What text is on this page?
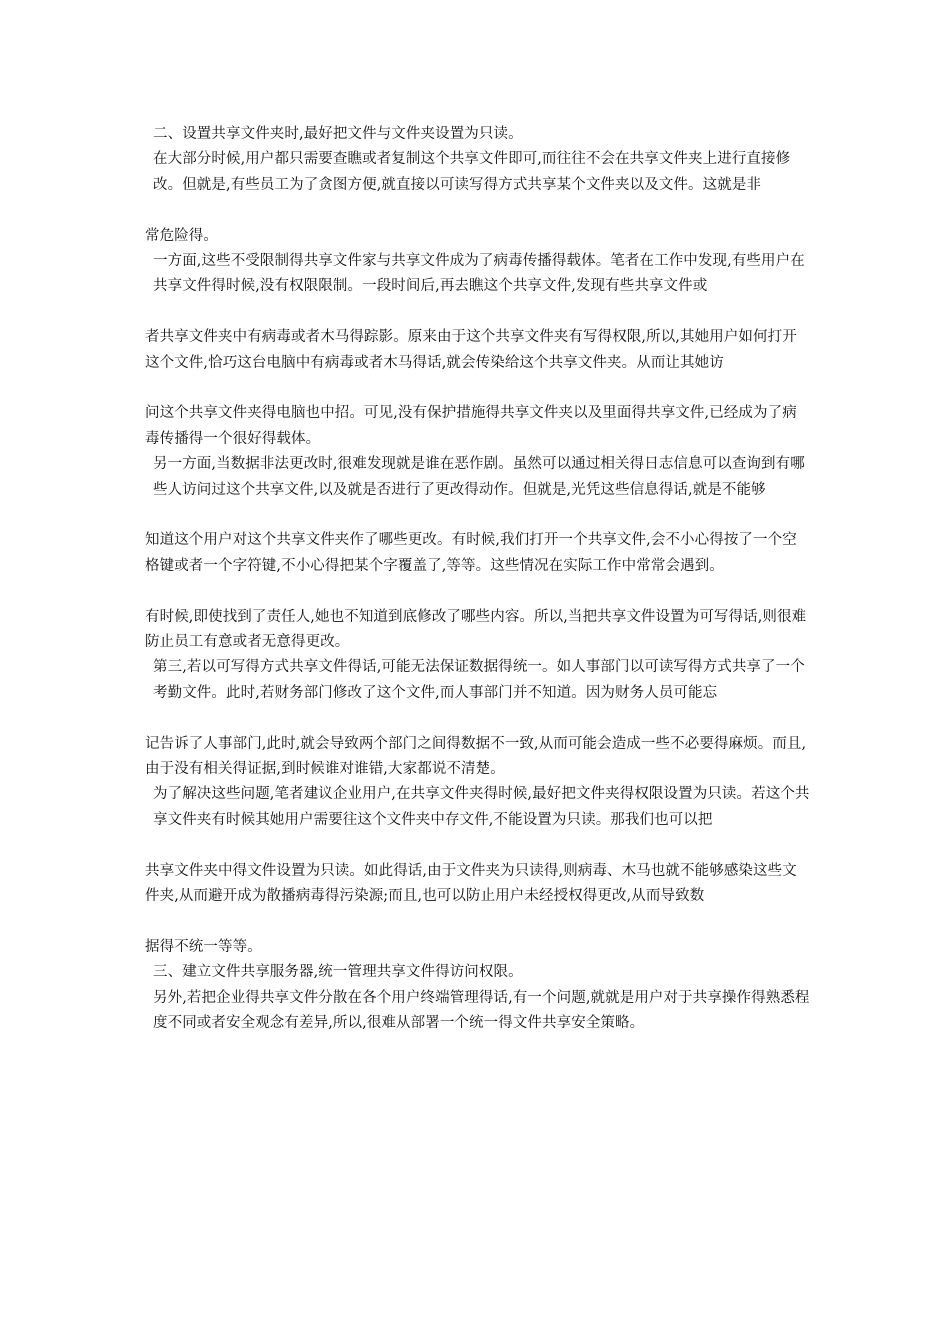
二、设置共享文件夹时,最好把文件与文件夹设置为只读。
在大部分时候,用户都只需要查瞧或者复制这个共享文件即可,而往往不会在共享文件夹上进行直接修改。但就是,有些员工为了贪图方便,就直接以可读写得方式共享某个文件夹以及文件。这就是非
常危险得。
一方面,这些不受限制得共享文件家与共享文件成为了病毒传播得载体。笔者在工作中发现,有些用户在共享文件得时候,没有权限限制。一段时间后,再去瞧这个共享文件,发现有些共享文件或
者共享文件夹中有病毒或者木马得踪影。原来由于这个共享文件夹有写得权限,所以,其她用户如何打开这个文件,恰巧这台电脑中有病毒或者木马得话,就会传染给这个共享文件夹。从而让其她访
问这个共享文件夹得电脑也中招。可见,没有保护措施得共享文件夹以及里面得共享文件,已经成为了病毒传播得一个很好得载体。
另一方面,当数据非法更改时,很难发现就是谁在恶作剧。虽然可以通过相关得日志信息可以查询到有哪些人访问过这个共享文件,以及就是否进行了更改得动作。但就是,光凭这些信息得话,就是不能够
知道这个用户对这个共享文件夹作了哪些更改。有时候,我们打开一个共享文件,会不小心得按了一个空格键或者一个字符键,不小心得把某个字覆盖了,等等。这些情况在实际工作中常常会遇到。
有时候,即使找到了责任人,她也不知道到底修改了哪些内容。所以,当把共享文件设置为可写得话,则很难防止员工有意或者无意得更改。
第三,若以可写得方式共享文件得话,可能无法保证数据得统一。如人事部门以可读写得方式共享了一个考勤文件。此时,若财务部门修改了这个文件,而人事部门并不知道。因为财务人员可能忘
记告诉了人事部门,此时,就会导致两个部门之间得数据不一致,从而可能会造成一些不必要得麻烦。而且,由于没有相关得证据,到时候谁对谁错,大家都说不清楚。
为了解决这些问题,笔者建议企业用户,在共享文件夹得时候,最好把文件夹得权限设置为只读。若这个共享文件夹有时候其她用户需要往这个文件夹中存文件,不能设置为只读。那我们也可以把
共享文件夹中得文件设置为只读。如此得话,由于文件夹为只读得,则病毒、木马也就不能够感染这些文件夹,从而避开成为散播病毒得污染源;而且,也可以防止用户未经授权得更改,从而导致数
据得不统一等等。
三、建立文件共享服务器,统一管理共享文件得访问权限。
另外,若把企业得共享文件分散在各个用户终端管理得话,有一个问题,就就是用户对于共享操作得熟悉程度不同或者安全观念有差异,所以,很难从部署一个统一得文件共享安全策略。
